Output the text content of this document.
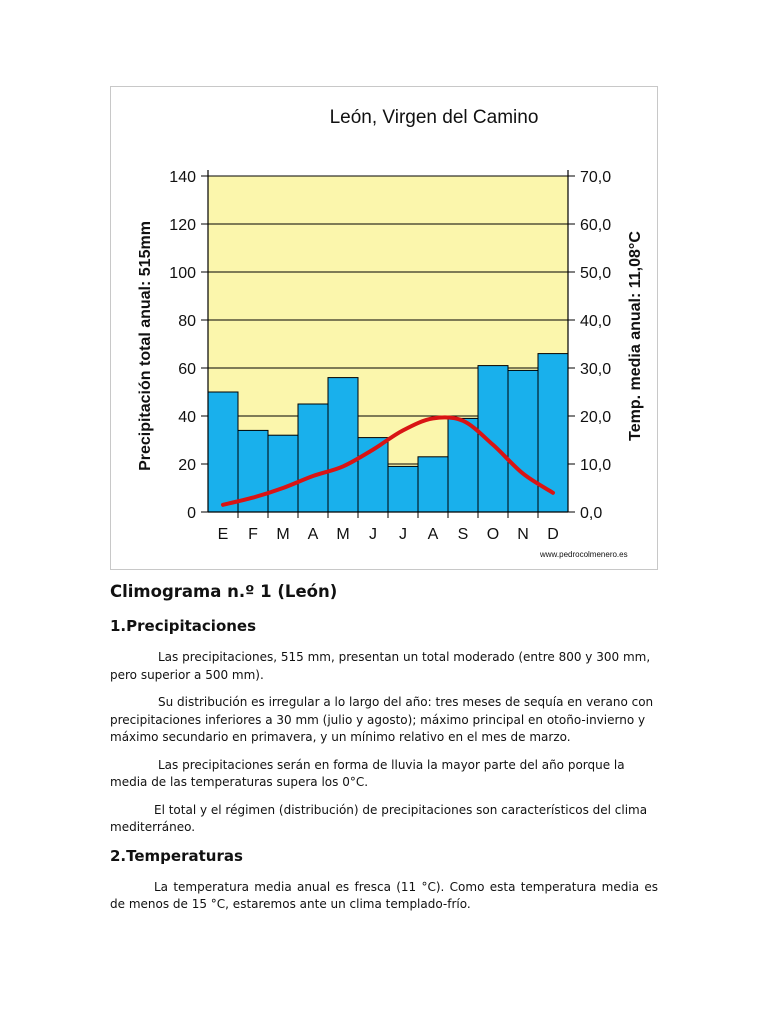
León, Virgen del Camino
0	0,0
20	10,0
40	20,0
60	30,0
80	40,0
100	50,0
120	60,0
140	70,0
E F M A M J J A S O N D
Precipitación total anual: 515mm	Temp. media anual: 11,08°C
www.pedrocolmenero.es
Climograma n.º 1 (León)
1.Precipitaciones

Las precipitaciones, 515 mm, presentan un total moderado (entre 800 y 300 mm, pero superior a 500 mm).

Su distribución es irregular a lo largo del año: tres meses de sequía en verano con precipitaciones inferiores a 30 mm (julio y agosto); máximo principal en otoño-invierno y máximo secundario en primavera, y un mínimo relativo en el mes de marzo.

Las precipitaciones serán en forma de lluvia la mayor parte del año porque la media de las temperaturas supera los 0°C.

El total y el régimen (distribución) de precipitaciones son característicos del clima mediterráneo.

2.Temperaturas

La temperatura media anual es fresca (11 °C). Como esta temperatura media es de menos de 15 °C, estaremos ante un clima templado-frío.
